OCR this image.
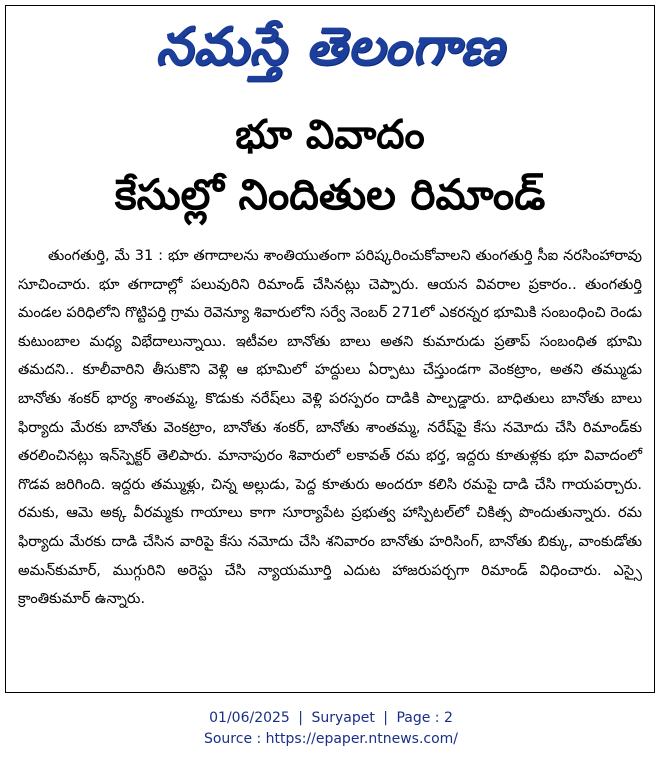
నమస్తే తెలంగాణ
భూ వివాదం
కేసుల్లో నిందితుల రిమాండ్

తుంగతుర్తి, మే 31 : భూ తగాదాలను శాంతియుతంగా పరిష్కరించుకోవాలని తుంగతుర్తి సీఐ నరసింహారావు సూచించారు. భూ తగాదాల్లో పలువురిని రిమాండ్ చేసినట్లు చెప్పారు. ఆయన వివరాల ప్రకారం.. తుంగతుర్తి మండల పరిధిలోని గొట్టిపర్తి గ్రామ రెవెన్యూ శివారులోని సర్వే నెంబర్ 271లో ఎకరన్నర భూమికి సంబంధించి రెండు కుటుంబాల మధ్య విభేదాలున్నాయి. ఇటీవల బానోతు బాలు అతని కుమారుడు ప్రతాప్ సంబంధిత భూమి తమదని.. కూలీవారిని తీసుకొని వెళ్లి ఆ భూమిలో హద్దులు ఏర్పాటు చేస్తుండగా వెంకట్రాం, అతని తమ్ముడు బానోతు శంకర్ భార్య శాంతమ్మ, కొడుకు నరేష్‌లు వెళ్లి పరస్పరం దాడికి పాల్పడ్డారు. బాధితులు బానోతు బాలు ఫిర్యాదు మేరకు బానోతు వెంకట్రాం, బానోతు శంకర్, బానోతు శాంతమ్మ, నరేష్‌పై కేసు నమోదు చేసి రిమాండ్‌కు తరలించినట్లు ఇన్‌స్పెక్టర్ తెలిపారు. మానాపురం శివారులో లకావత్ రమ భర్త, ఇద్దరు కూతుళ్లకు భూ వివాదంలో గొడవ జరిగింది. ఇద్దరు తమ్ముళ్లు, చిన్న అల్లుడు, పెద్ద కూతురు అందరూ కలిసి రమపై దాడి చేసి గాయపర్చారు. రమకు, ఆమె అక్క వీరమ్మకు గాయాలు కాగా సూర్యాపేట ప్రభుత్వ హాస్పిటల్‌లో చికిత్స పొందుతున్నారు. రమ ఫిర్యాదు మేరకు దాడి చేసిన వారిపై కేసు నమోదు చేసి శనివారం బానోతు హరిసింగ్, బానోతు బిక్కు, వాంకుడోతు అమన్‌కుమార్, ముగ్గురిని అరెస్టు చేసి న్యాయమూర్తి ఎదుట హాజరుపర్చగా రిమాండ్ విధించారు. ఎస్సై క్రాంతికుమార్ ఉన్నారు.

01/06/2025 | Suryapet | Page : 2
Source : https://epaper.ntnews.com/
